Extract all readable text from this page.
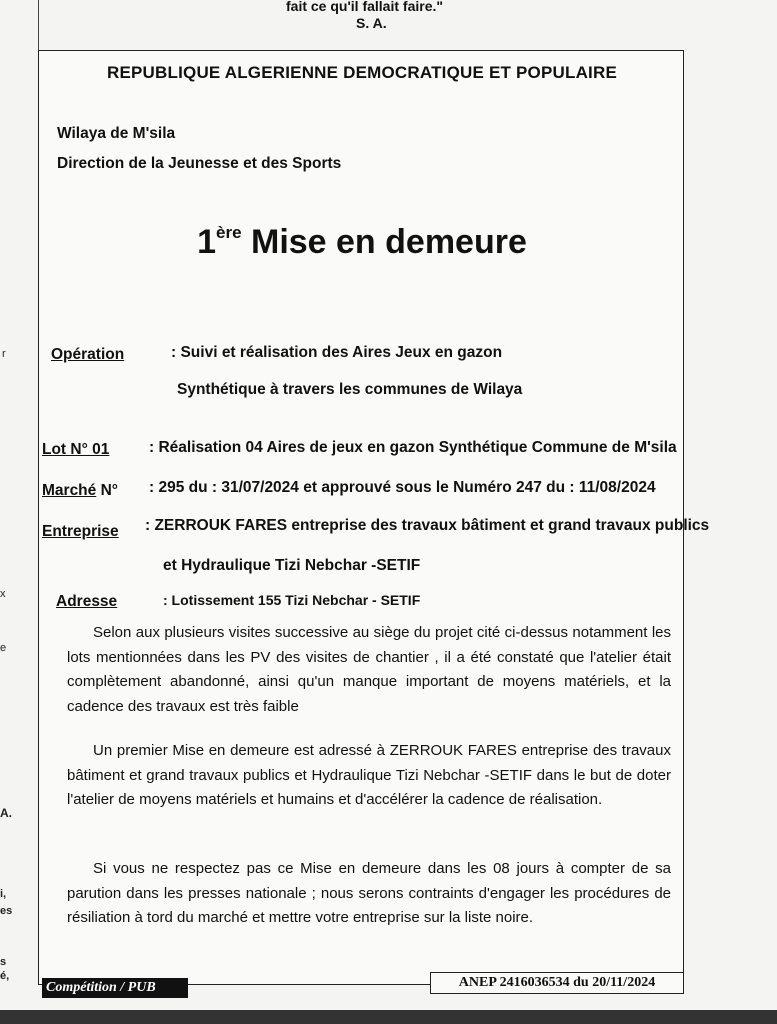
fait ce qu'il fallait faire."
S. A.
r
x
e
A.
i,
es
s
é,
REPUBLIQUE ALGERIENNE DEMOCRATIQUE ET POPULAIRE
Wilaya de M'sila
Direction de la Jeunesse et des Sports
1ère Mise en demeure
Opération	: Suivi et réalisation des Aires Jeux en gazon
Synthétique à travers les communes de Wilaya
Lot N° 01	: Réalisation 04 Aires de jeux en gazon Synthétique Commune de M'sila
Marché N° : 295 du : 31/07/2024 et approuvé sous le Numéro 247 du : 11/08/2024
Entreprise : ZERROUK FARES entreprise des travaux bâtiment et grand travaux publics
et Hydraulique Tizi Nebchar -SETIF
Adresse	: Lotissement 155 Tizi Nebchar - SETIF
Selon aux plusieurs visites successive au siège du projet cité ci-dessus notamment les lots mentionnées dans les PV des visites de chantier , il a été constaté que l'atelier était complètement abandonné, ainsi qu'un manque important de moyens matériels, et la cadence des travaux est très faible
Un premier Mise en demeure est adressé à ZERROUK FARES entreprise des travaux bâtiment et grand travaux publics et Hydraulique Tizi Nebchar -SETIF dans le but de doter l'atelier de moyens matériels et humains et d'accélérer la cadence de réalisation.
Si vous ne respectez pas ce Mise en demeure dans les 08 jours à compter de sa parution dans les presses nationale ; nous serons contraints d'engager les procédures de résiliation à tord du marché et mettre votre entreprise sur la liste noire.
Compétition / PUB	ANEP 2416036534 du 20/11/2024
